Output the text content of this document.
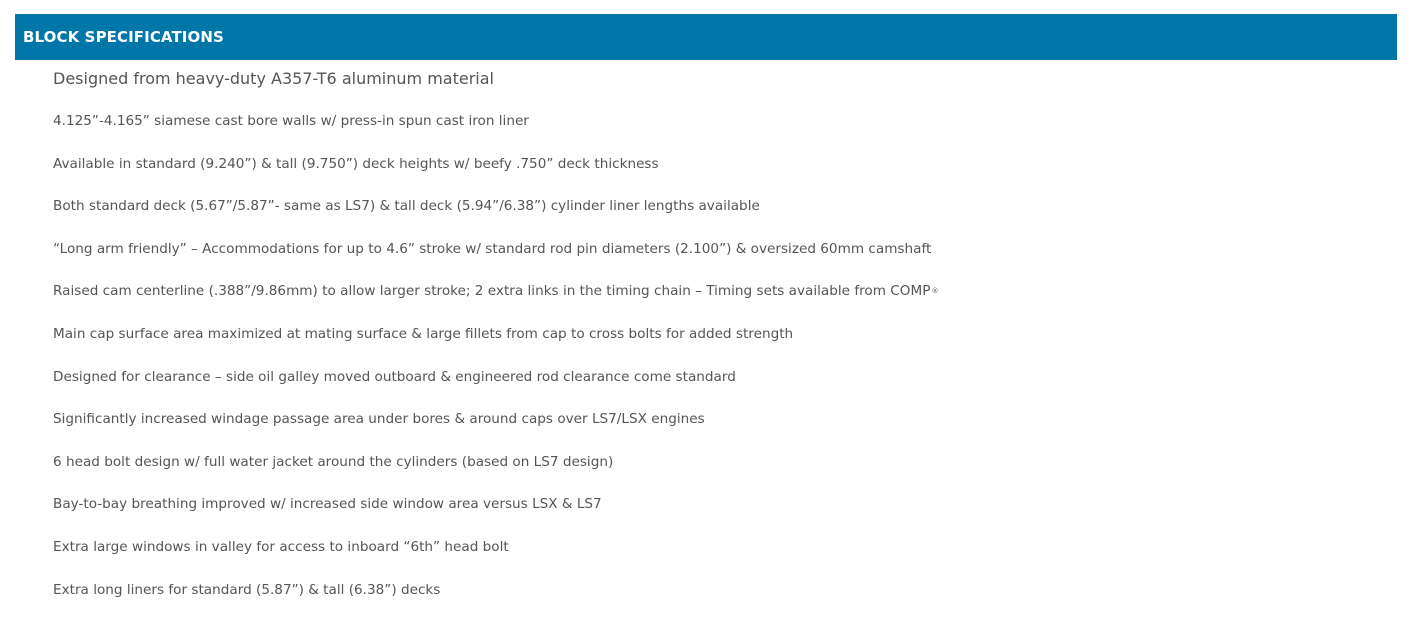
BLOCK SPECIFICATIONS
Designed from heavy-duty A357-T6 aluminum material
4.125”-4.165” siamese cast bore walls w/ press-in spun cast iron liner
Available in standard (9.240”) & tall (9.750”) deck heights w/ beefy .750” deck thickness
Both standard deck (5.67”/5.87”- same as LS7) & tall deck (5.94”/6.38”) cylinder liner lengths available
“Long arm friendly” – Accommodations for up to 4.6” stroke w/ standard rod pin diameters (2.100”) & oversized 60mm camshaft
Raised cam centerline (.388”/9.86mm) to allow larger stroke; 2 extra links in the timing chain – Timing sets available from COMP®
Main cap surface area maximized at mating surface & large fillets from cap to cross bolts for added strength
Designed for clearance – side oil galley moved outboard & engineered rod clearance come standard
Significantly increased windage passage area under bores & around caps over LS7/LSX engines
6 head bolt design w/ full water jacket around the cylinders (based on LS7 design)
Bay-to-bay breathing improved w/ increased side window area versus LSX & LS7
Extra large windows in valley for access to inboard “6th” head bolt
Extra long liners for standard (5.87”) & tall (6.38”) decks
